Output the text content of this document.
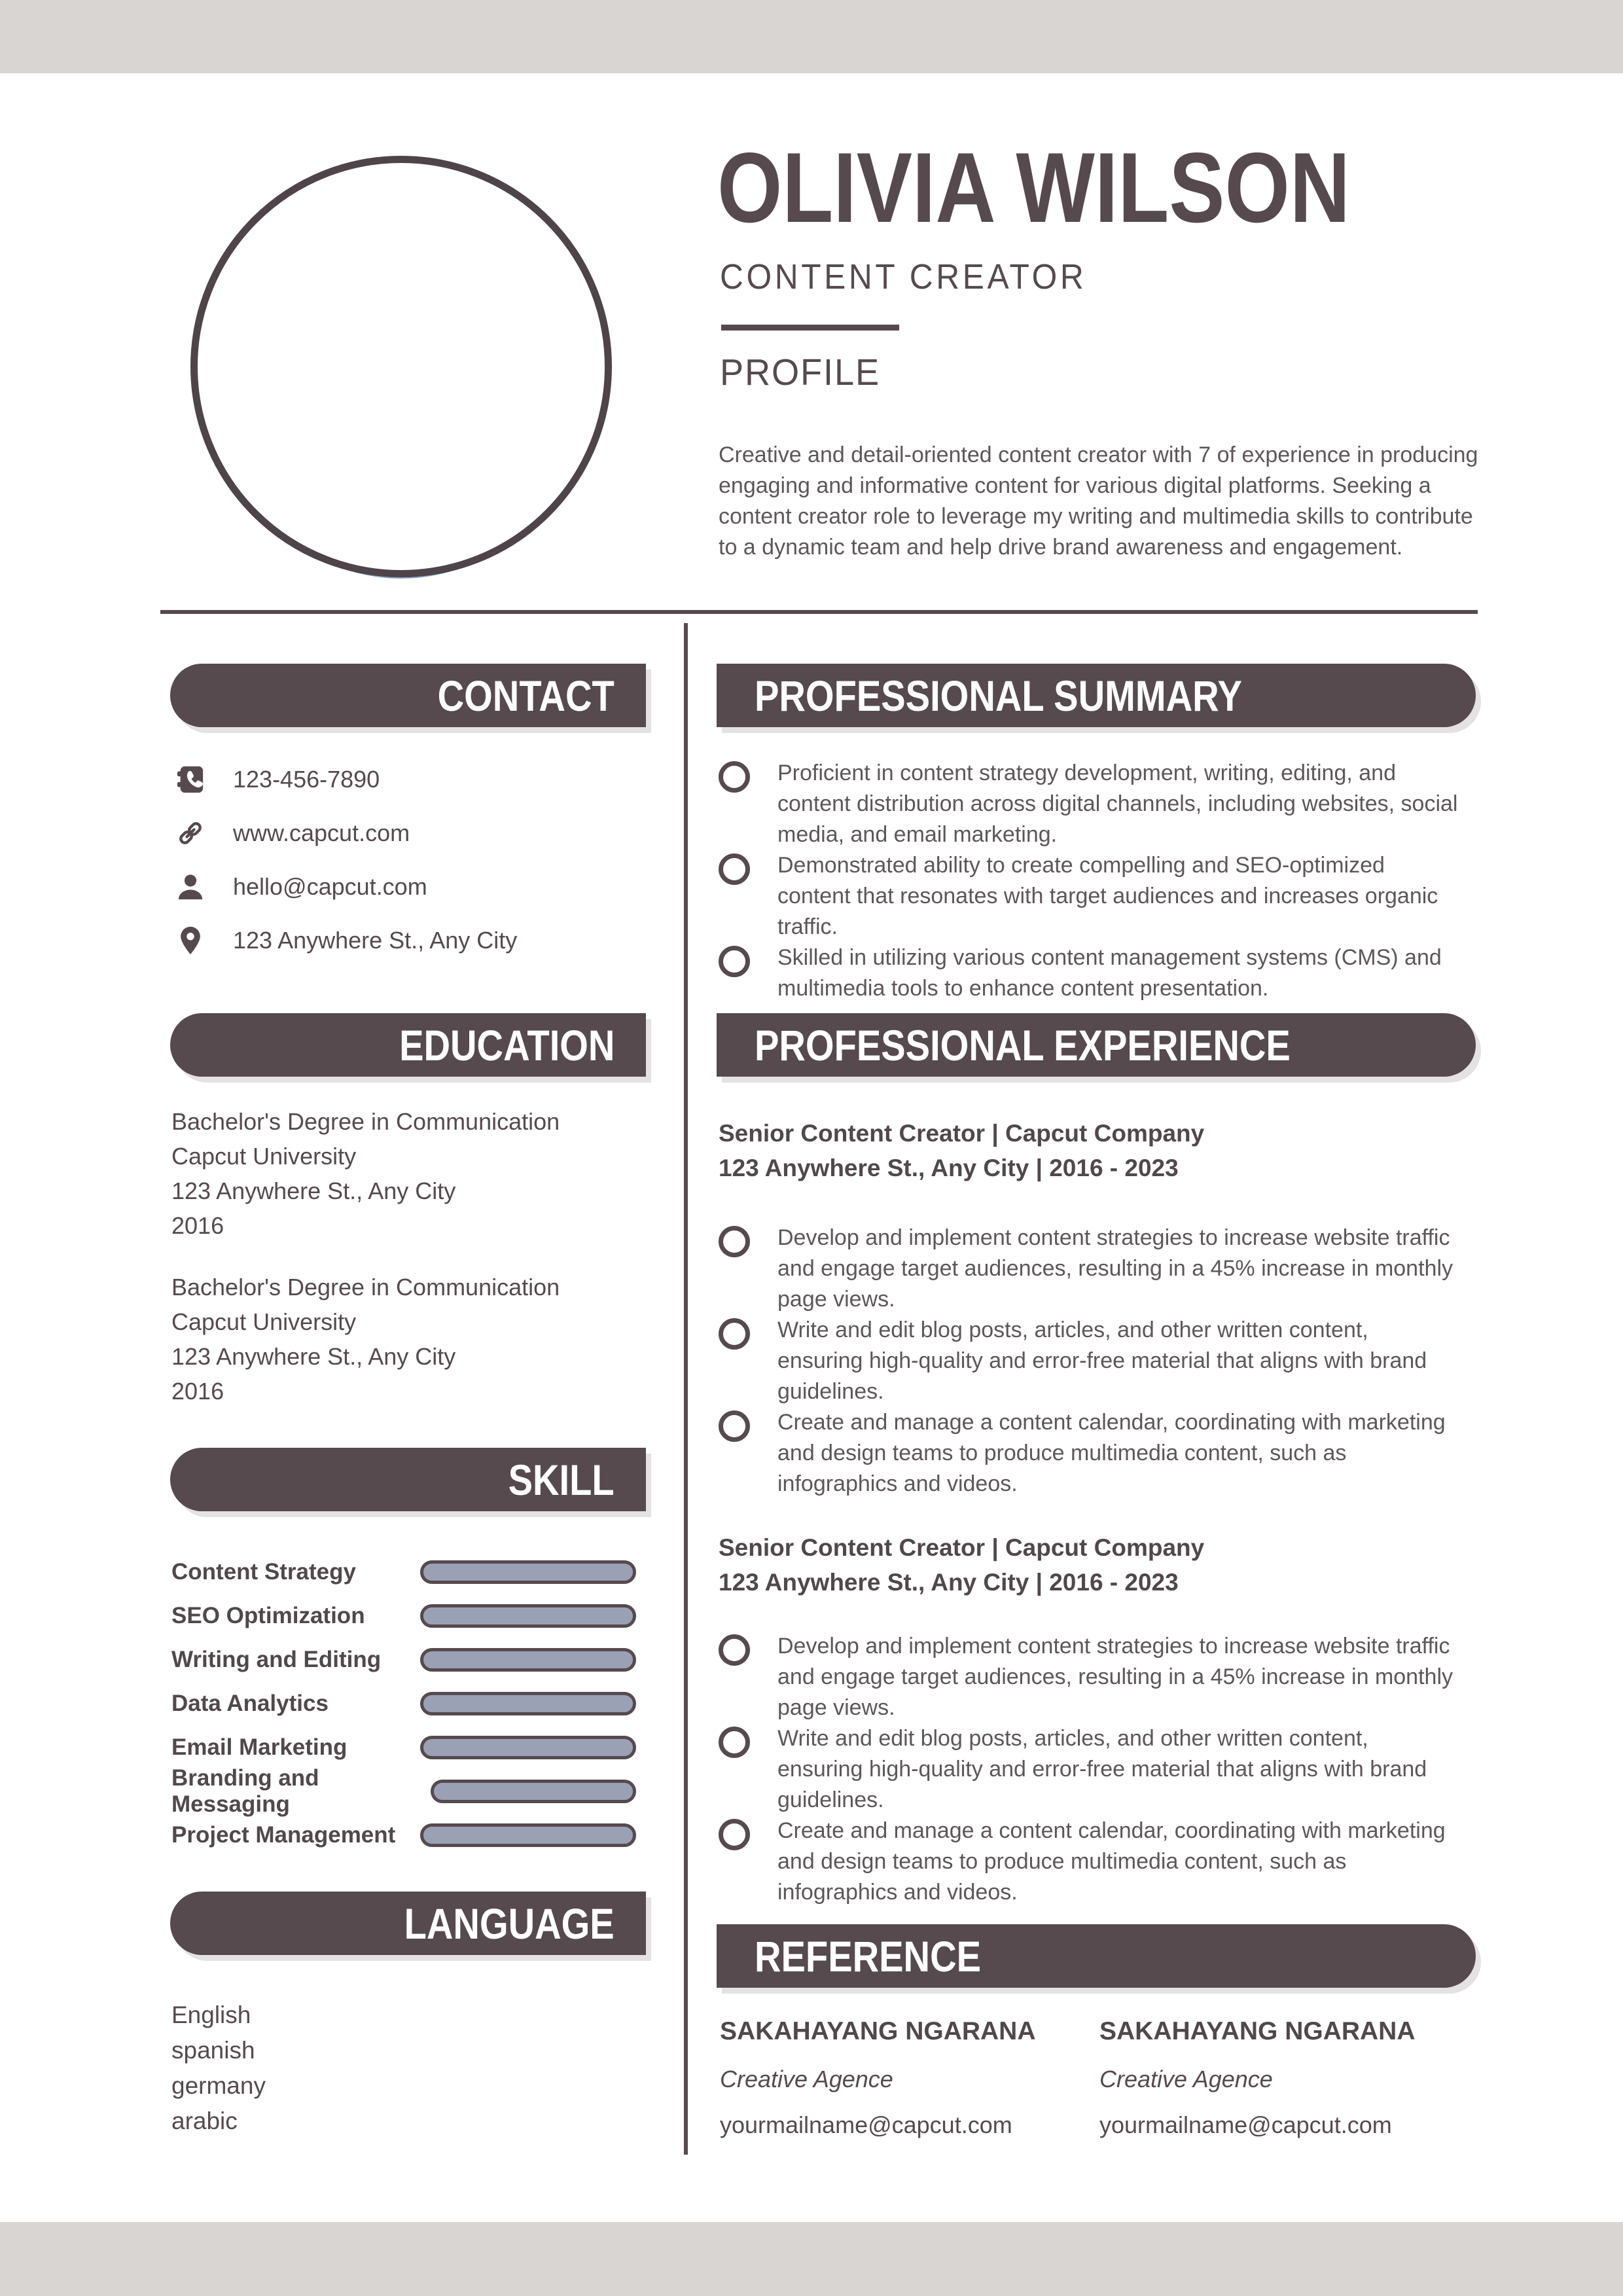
OLIVIA WILSON
CONTENT CREATOR
PROFILE
Creative and detail-oriented content creator with 7 of experience in producing engaging and informative content for various digital platforms. Seeking a content creator role to leverage my writing and multimedia skills to contribute to a dynamic team and help drive brand awareness and engagement.
CONTACT
123-456-7890
www.capcut.com
hello@capcut.com
123 Anywhere St., Any City
EDUCATION
Bachelor's Degree in Communication
Capcut University
123 Anywhere St., Any City
2016
Bachelor's Degree in Communication
Capcut University
123 Anywhere St., Any City
2016
SKILL
Content Strategy
SEO Optimization
Writing and Editing
Data Analytics
Email Marketing
Branding and Messaging
Project Management
LANGUAGE
English
spanish
germany
arabic
PROFESSIONAL SUMMARY
Proficient in content strategy development, writing, editing, and content distribution across digital channels, including websites, social media, and email marketing.
Demonstrated ability to create compelling and SEO-optimized content that resonates with target audiences and increases organic traffic.
Skilled in utilizing various content management systems (CMS) and multimedia tools to enhance content presentation.
PROFESSIONAL EXPERIENCE
Senior Content Creator | Capcut Company
123 Anywhere St., Any City | 2016 - 2023
Develop and implement content strategies to increase website traffic and engage target audiences, resulting in a 45% increase in monthly page views.
Write and edit blog posts, articles, and other written content, ensuring high-quality and error-free material that aligns with brand guidelines.
Create and manage a content calendar, coordinating with marketing and design teams to produce multimedia content, such as infographics and videos.
Senior Content Creator | Capcut Company
123 Anywhere St., Any City | 2016 - 2023
Develop and implement content strategies to increase website traffic and engage target audiences, resulting in a 45% increase in monthly page views.
Write and edit blog posts, articles, and other written content, ensuring high-quality and error-free material that aligns with brand guidelines.
Create and manage a content calendar, coordinating with marketing and design teams to produce multimedia content, such as infographics and videos.
REFERENCE
SAKAHAYANG NGARANA
Creative Agence
yourmailname@capcut.com
SAKAHAYANG NGARANA
Creative Agence
yourmailname@capcut.com
